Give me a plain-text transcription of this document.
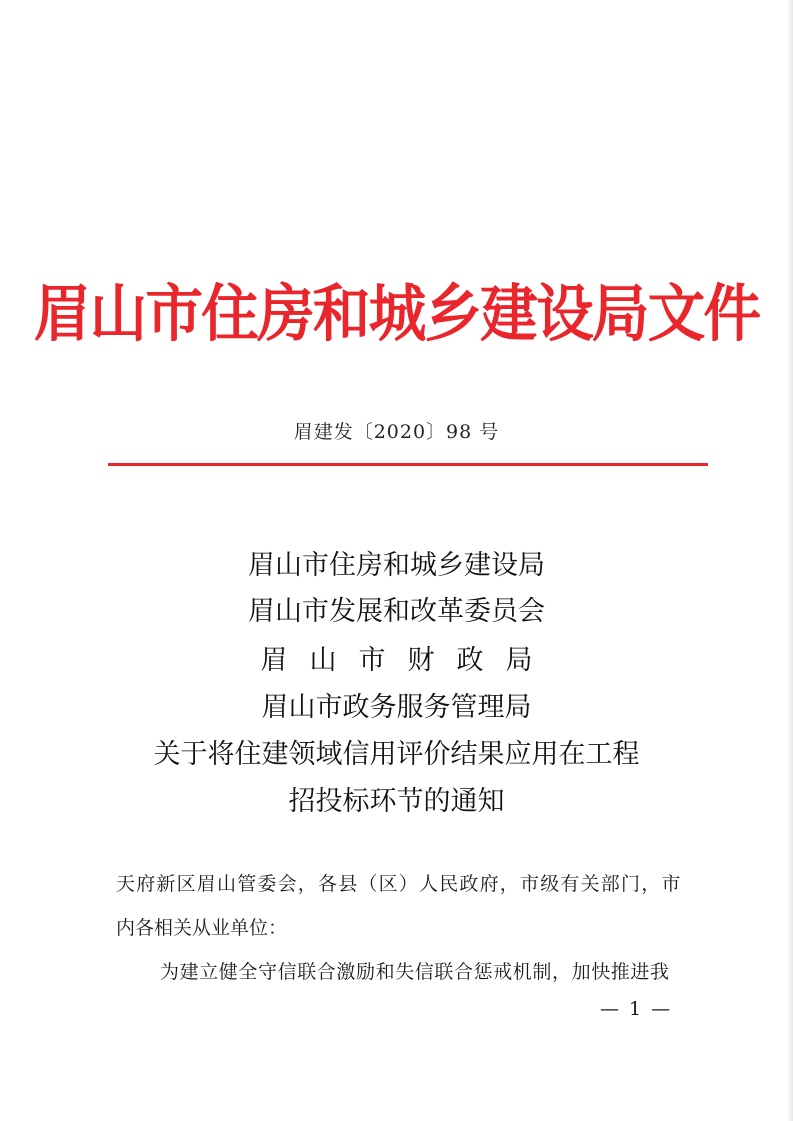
眉山市住房和城乡建设局文件
眉建发〔2020〕98 号
眉山市住房和城乡建设局
眉山市发展和改革委员会
眉山市财政局
眉山市政务服务管理局
关于将住建领域信用评价结果应用在工程
招投标环节的通知
天府新区眉山管委会，各县（区）人民政府，市级有关部门，市
内各相关从业单位：
为建立健全守信联合激励和失信联合惩戒机制，加快推进我
— 1 —
